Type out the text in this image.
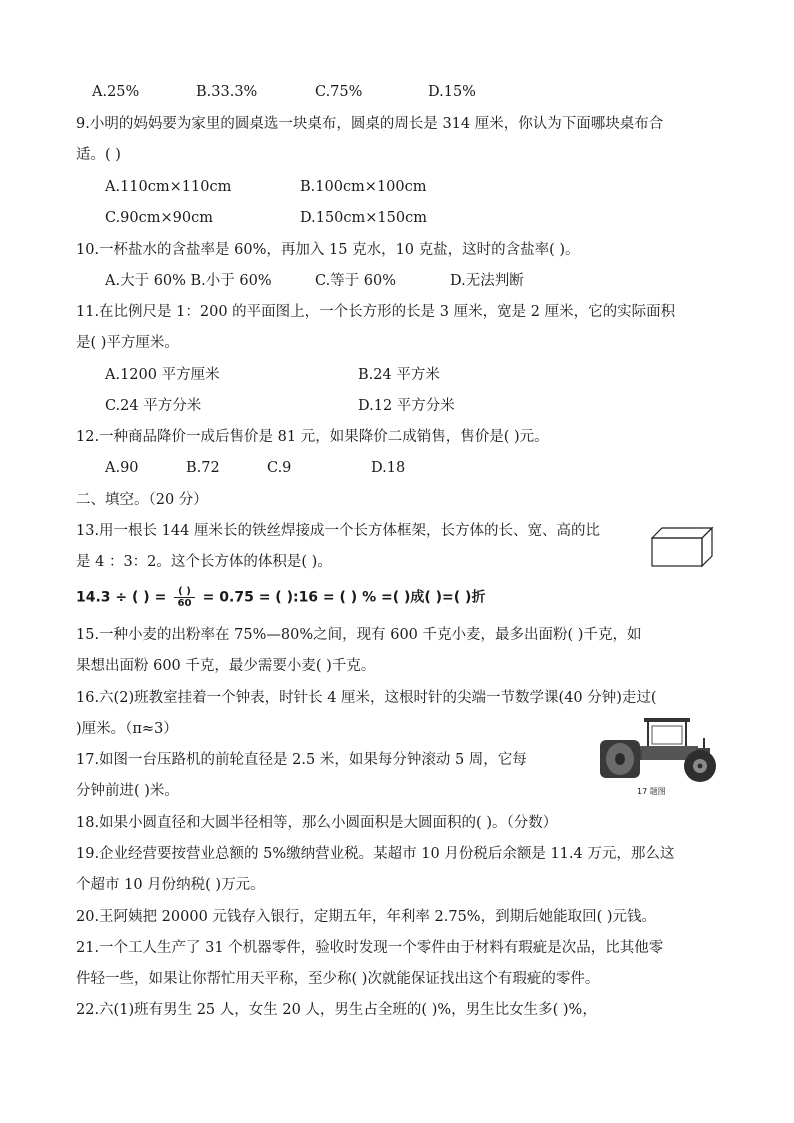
A.25%	B.33.3%	C.75%	D.15%
9.小明的妈妈要为家里的圆桌选一块桌布，圆桌的周长是 314 厘米，你认为下面哪块桌布合
适。( )
A.110cm×110cm	B.100cm×100cm
C.90cm×90cm	D.150cm×150cm
10.一杯盐水的含盐率是 60%，再加入 15 克水，10 克盐，这时的含盐率( )。
A.大于 60% B.小于 60%	C.等于 60%	D.无法判断
11.在比例尺是 1：200 的平面图上，一个长方形的长是 3 厘米，宽是 2 厘米，它的实际面积
是( )平方厘米。
A.1200 平方厘米	B.24 平方米
C.24 平方分米	D.12 平方分米
12.一种商品降价一成后售价是 81 元，如果降价二成销售，售价是( )元。
A.90	B.72	C.9	D.18
二、填空。（20 分）
13.用一根长 144 厘米长的铁丝焊接成一个长方体框架，长方体的长、宽、高的比
是 4 ：3：2。这个长方体的体积是( )。
14.3 ÷ ( ) = $\frac{( )}{60} = 0.75$ = ( ):16 = ( ) % =( )成( )=( )折
15.一种小麦的出粉率在 75%—80%之间，现有 600 千克小麦，最多出面粉( )千克，如
果想出面粉 600 千克，最少需要小麦( )千克。
16.六(2)班教室挂着一个钟表，时针长 4 厘米，这根时针的尖端一节数学课(40 分钟)走过(
)厘米。（π≈3）
17.如图一台压路机的前轮直径是 2.5 米，如果每分钟滚动 5 周，它每
分钟前进( )米。	17 题图
18.如果小圆直径和大圆半径相等，那么小圆面积是大圆面积的( )。（分数）
19.企业经营要按营业总额的 5%缴纳营业税。某超市 10 月份税后余额是 11.4 万元，那么这
个超市 10 月份纳税( )万元。
20.王阿姨把 20000 元钱存入银行，定期五年，年利率 2.75%，到期后她能取回( )元钱。
21.一个工人生产了 31 个机器零件，验收时发现一个零件由于材料有瑕疵是次品，比其他零
件轻一些，如果让你帮忙用天平称，至少称( )次就能保证找出这个有瑕疵的零件。
22.六(1)班有男生 25 人，女生 20 人，男生占全班的( )%，男生比女生多( )%，
